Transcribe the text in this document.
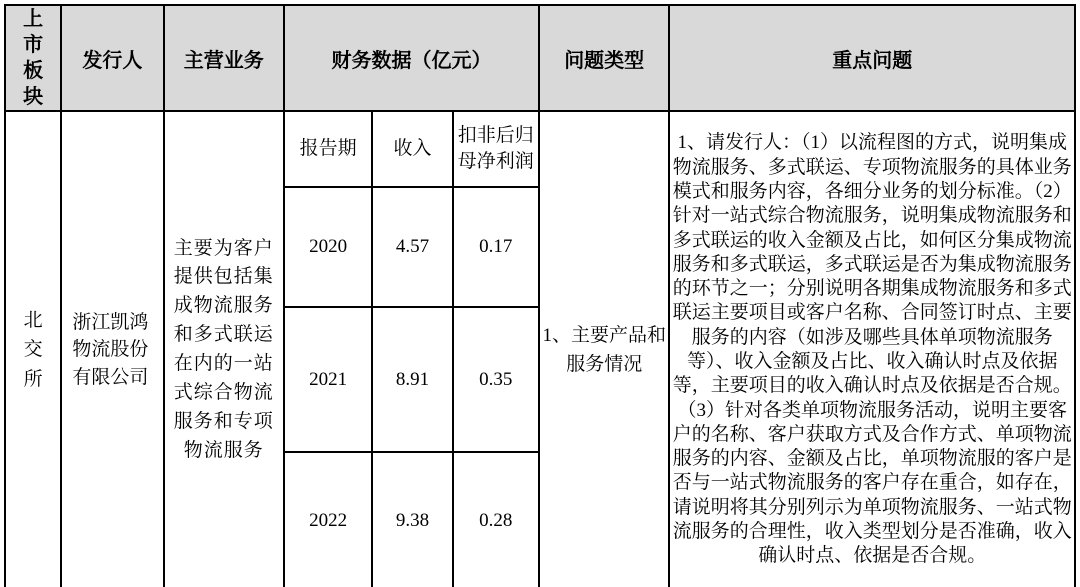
上市板块	发行人	主营业务	财务数据（亿元）			问题类型	重点问题
北交所	浙江凯鸿物流股份有限公司	主要为客户提供包括集成物流服务和多式联运在内的一站式综合物流服务和专项物流服务	报告期	收入	扣非后归母净利润	1、主要产品和服务情况	1、请发行人：（1）以流程图的方式，说明集成物流服务、多式联运、专项物流服务的具体业务模式和服务内容，各细分业务的划分标准。（2）针对一站式综合物流服务，说明集成物流服务和多式联运的收入金额及占比，如何区分集成物流服务和多式联运，多式联运是否为集成物流服务的环节之一；分别说明各期集成物流服务和多式联运主要项目或客户名称、合同签订时点、主要服务的内容（如涉及哪些具体单项物流服务等）、收入金额及占比、收入确认时点及依据等，主要项目的收入确认时点及依据是否合规。（3）针对各类单项物流服务活动，说明主要客户的名称、客户获取方式及合作方式、单项物流服务的内容、金额及占比，单项物流服的客户是否与一站式物流服务的客户存在重合，如存在，请说明将其分别列示为单项物流服务、一站式物流服务的合理性，收入类型划分是否准确，收入确认时点、依据是否合规。
			2020	4.57	0.17		
			2021	8.91	0.35		
			2022	9.38	0.28		
